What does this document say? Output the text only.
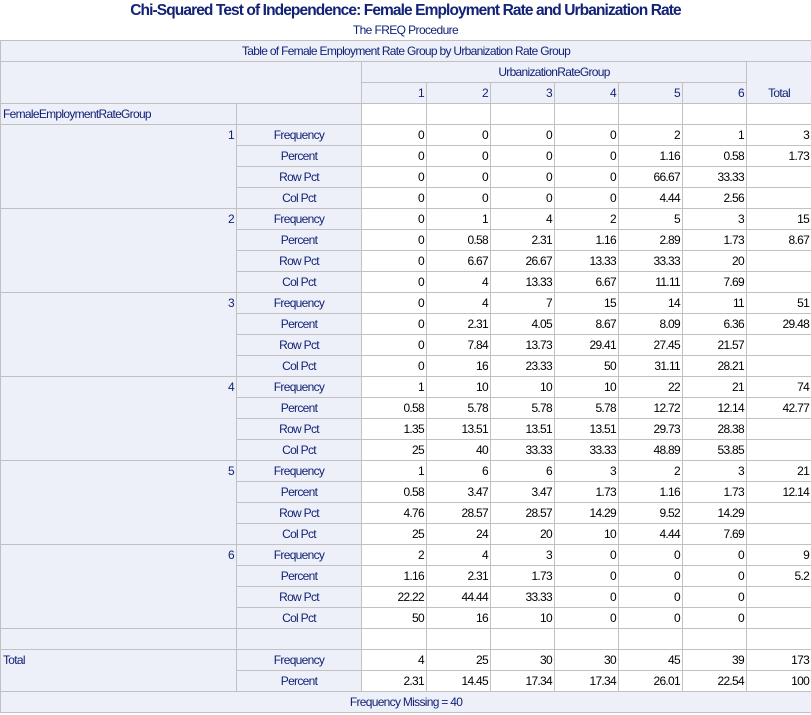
Chi-Squared Test of Independence: Female Employment Rate and Urbanization Rate
The FREQ Procedure
Table of Female Employment Rate Group by Urbanization Rate Group								
		UrbanizationRateGroup						Total
		1	2	3	4	5	6	
FemaleEmploymentRateGroup								
1	Frequency	0	0	0	0	2	1	3
	Percent	0	0	0	0	1.16	0.58	1.73
	Row Pct	0	0	0	0	66.67	33.33	
	Col Pct	0	0	0	0	4.44	2.56	
2	Frequency	0	1	4	2	5	3	15
	Percent	0	0.58	2.31	1.16	2.89	1.73	8.67
	Row Pct	0	6.67	26.67	13.33	33.33	20	
	Col Pct	0	4	13.33	6.67	11.11	7.69	
3	Frequency	0	4	7	15	14	11	51
	Percent	0	2.31	4.05	8.67	8.09	6.36	29.48
	Row Pct	0	7.84	13.73	29.41	27.45	21.57	
	Col Pct	0	16	23.33	50	31.11	28.21	
4	Frequency	1	10	10	10	22	21	74
	Percent	0.58	5.78	5.78	5.78	12.72	12.14	42.77
	Row Pct	1.35	13.51	13.51	13.51	29.73	28.38	
	Col Pct	25	40	33.33	33.33	48.89	53.85	
5	Frequency	1	6	6	3	2	3	21
	Percent	0.58	3.47	3.47	1.73	1.16	1.73	12.14
	Row Pct	4.76	28.57	28.57	14.29	9.52	14.29	
	Col Pct	25	24	20	10	4.44	7.69	
6	Frequency	2	4	3	0	0	0	9
	Percent	1.16	2.31	1.73	0	0	0	5.2
	Row Pct	22.22	44.44	33.33	0	0	0	
	Col Pct	50	16	10	0	0	0	

Total	Frequency	4	25	30	30	45	39	173
	Percent	2.31	14.45	17.34	17.34	26.01	22.54	100
Frequency Missing = 40								
